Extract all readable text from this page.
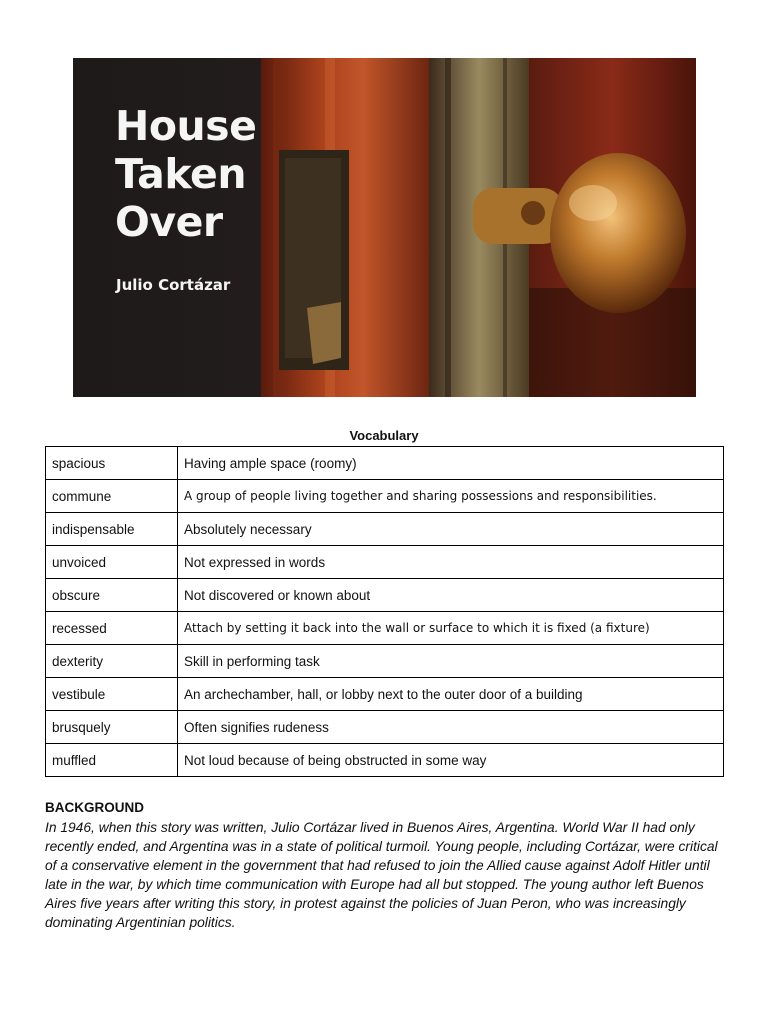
House
Taken
Over
Julio Cortázar
Vocabulary
spacious	Having ample space (roomy)
commune	A group of people living together and sharing possessions and responsibilities.
indispensable	Absolutely necessary
unvoiced	Not expressed in words
obscure	Not discovered or known about
recessed	Attach by setting it back into the wall or surface to which it is fixed (a fixture)
dexterity	Skill in performing task
vestibule	An archechamber, hall, or lobby next to the outer door of a building
brusquely	Often signifies rudeness
muffled	Not loud because of being obstructed in some way
BACKGROUND
In 1946, when this story was written, Julio Cortázar lived in Buenos Aires, Argentina. World War II had only recently ended, and Argentina was in a state of political turmoil. Young people, including Cortázar, were critical of a conservative element in the government that had refused to join the Allied cause against Adolf Hitler until late in the war, by which time communication with Europe had all but stopped. The young author left Buenos Aires five years after writing this story, in protest against the policies of Juan Peron, who was increasingly dominating Argentinian politics.
